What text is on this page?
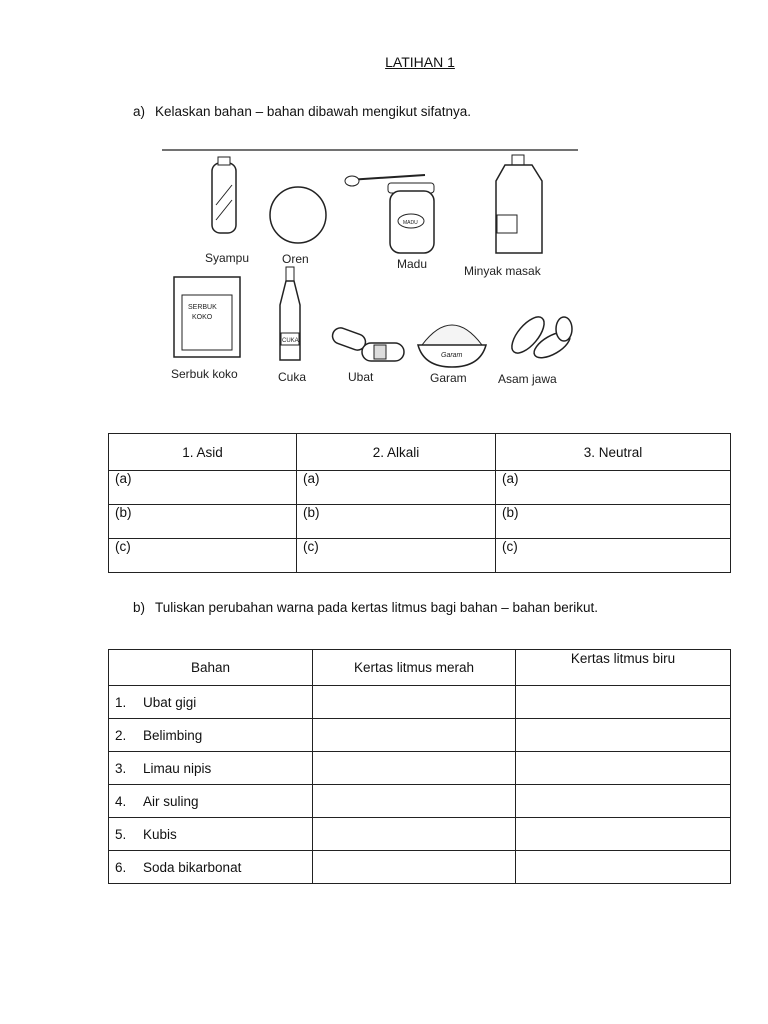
LATIHAN 1
a) Kelaskan bahan – bahan dibawah mengikut sifatnya.
Syampu	Oren
MADU
Madu	Minyak masak
SERBUK
KOKO
Serbuk koko
CUKA
Cuka	Ubat
Garam
Garam	Asam jawa
1. Asid	2. Alkali	3. Neutral
(a)	(a)	(a)
(b)	(b)	(b)
(c)	(c)	(c)
b) Tuliskan perubahan warna pada kertas litmus bagi bahan – bahan berikut.
Bahan	Kertas litmus merah	Kertas litmus biru
1. Ubat gigi		
2. Belimbing		
3. Limau nipis		
4. Air suling		
5. Kubis		
6. Soda bikarbonat		
